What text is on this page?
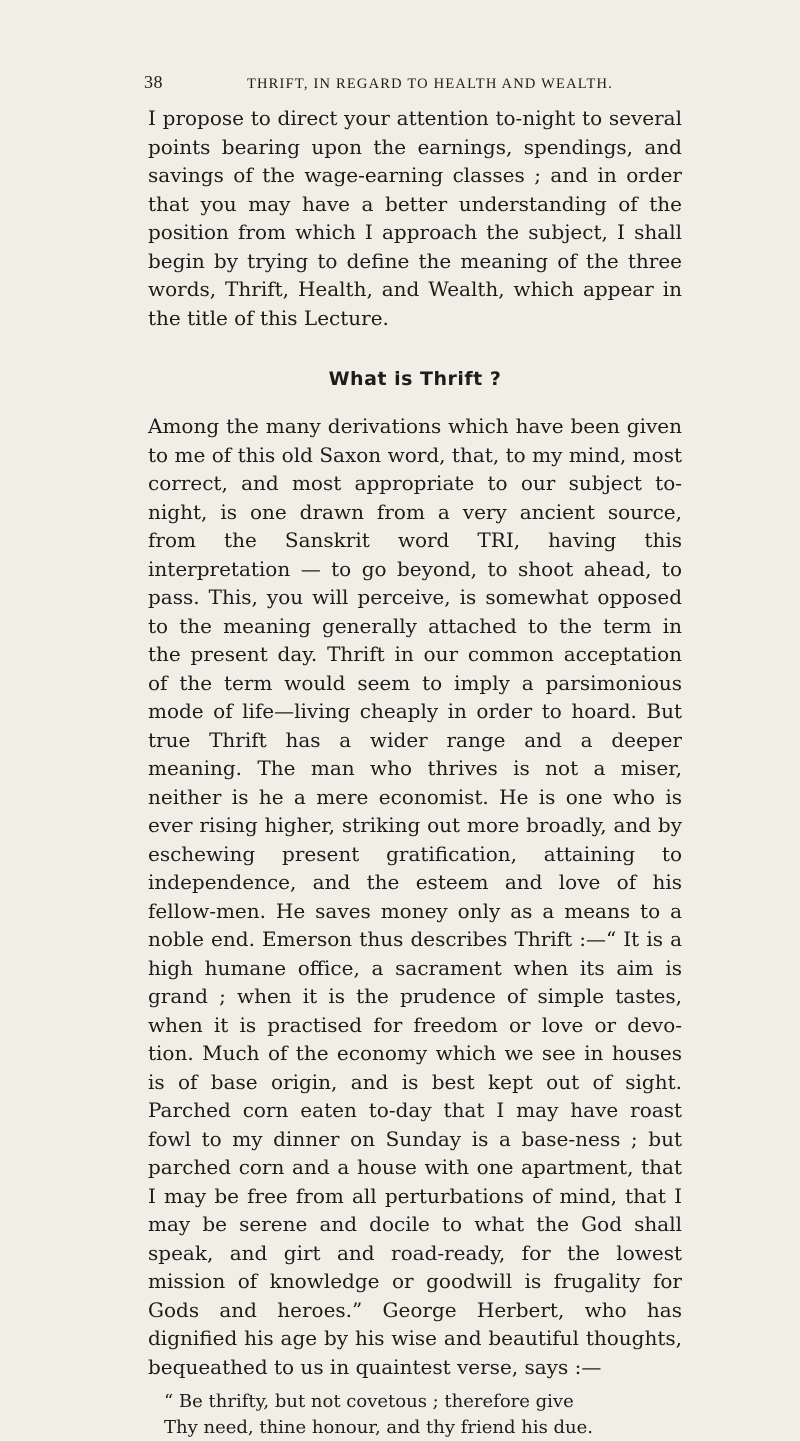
38	THRIFT, IN REGARD TO HEALTH AND WEALTH.

I propose to direct your attention to-night to several points bearing upon the earnings, spendings, and savings of the wage-earning classes ; and in order that you may have a better understanding of the position from which I approach the subject, I shall begin by trying to define the meaning of the three words, Thrift, Health, and Wealth, which appear in the title of this Lecture.

What is Thrift ?

Among the many derivations which have been given to me of this old Saxon word, that, to my mind, most correct, and most appropriate to our subject to-night, is one drawn from a very ancient source, from the Sanskrit word TRI, having this interpretation — to go beyond, to shoot ahead, to pass. This, you will perceive, is somewhat opposed to the meaning generally attached to the term in the present day. Thrift in our common acceptation of the term would seem to imply a parsimonious mode of life—living cheaply in order to hoard. But true Thrift has a wider range and a deeper meaning. The man who thrives is not a miser, neither is he a mere economist. He is one who is ever rising higher, striking out more broadly, and by eschewing present gratification, attaining to independence, and the esteem and love of his fellow-men. He saves money only as a means to a noble end. Emerson thus describes Thrift :—“ It is a high humane office, a sacrament when its aim is grand ; when it is the prudence of simple tastes, when it is practised for freedom or love or devo-tion. Much of the economy which we see in houses is of base origin, and is best kept out of sight. Parched corn eaten to-day that I may have roast fowl to my dinner on Sunday is a base-ness ; but parched corn and a house with one apartment, that I may be free from all perturbations of mind, that I may be serene and docile to what the God shall speak, and girt and road-ready, for the lowest mission of knowledge or goodwill is frugality for Gods and heroes.” George Herbert, who has dignified his age by his wise and beautiful thoughts, bequeathed to us in quaintest verse, says :—

“ Be thrifty, but not covetous ; therefore give
Thy need, thine honour, and thy friend his due.
